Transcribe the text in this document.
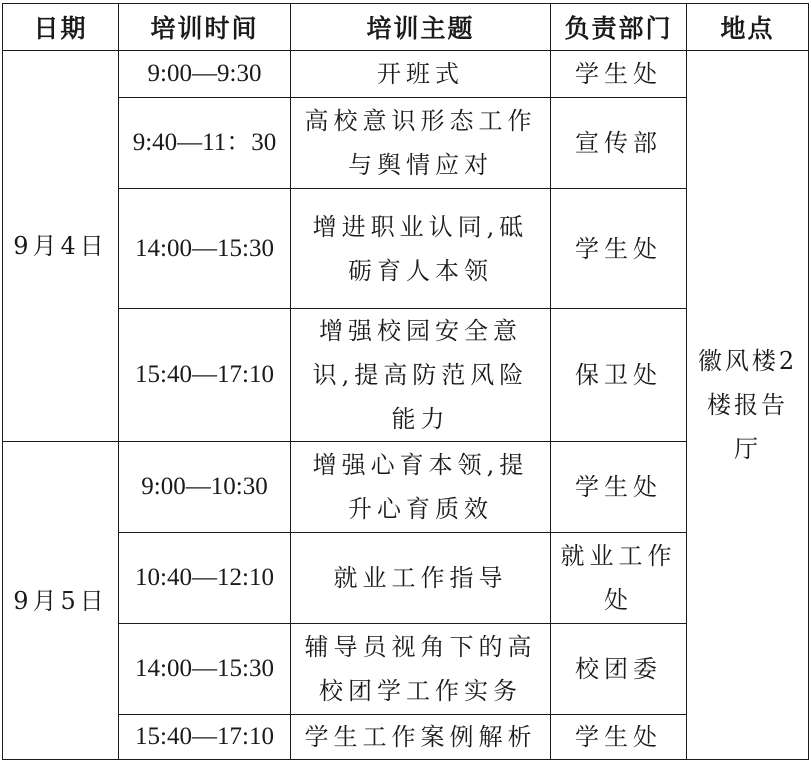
日期	培训时间	培训主题	负责部门	地点
9月4日	9:00—9:30	开班式	学生处	徽风楼2楼报告厅

	9:40—11：30	高校意识形态工作与舆情应对	宣传部	
	14:00—15:30	增进职业认同,砥砺育人本领	学生处	
	15:40—17:10	增强校园安全意识,提高防范风险能力	保卫处	
9月5日	9:00—10:30	增强心育本领,提升心育质效	学生处	
	10:40—12:10	就业工作指导	就业工作处	

	14:00—15:30	辅导员视角下的高校团学工作实务	校团委	
	15:40—17:10	学生工作案例解析	学生处	
